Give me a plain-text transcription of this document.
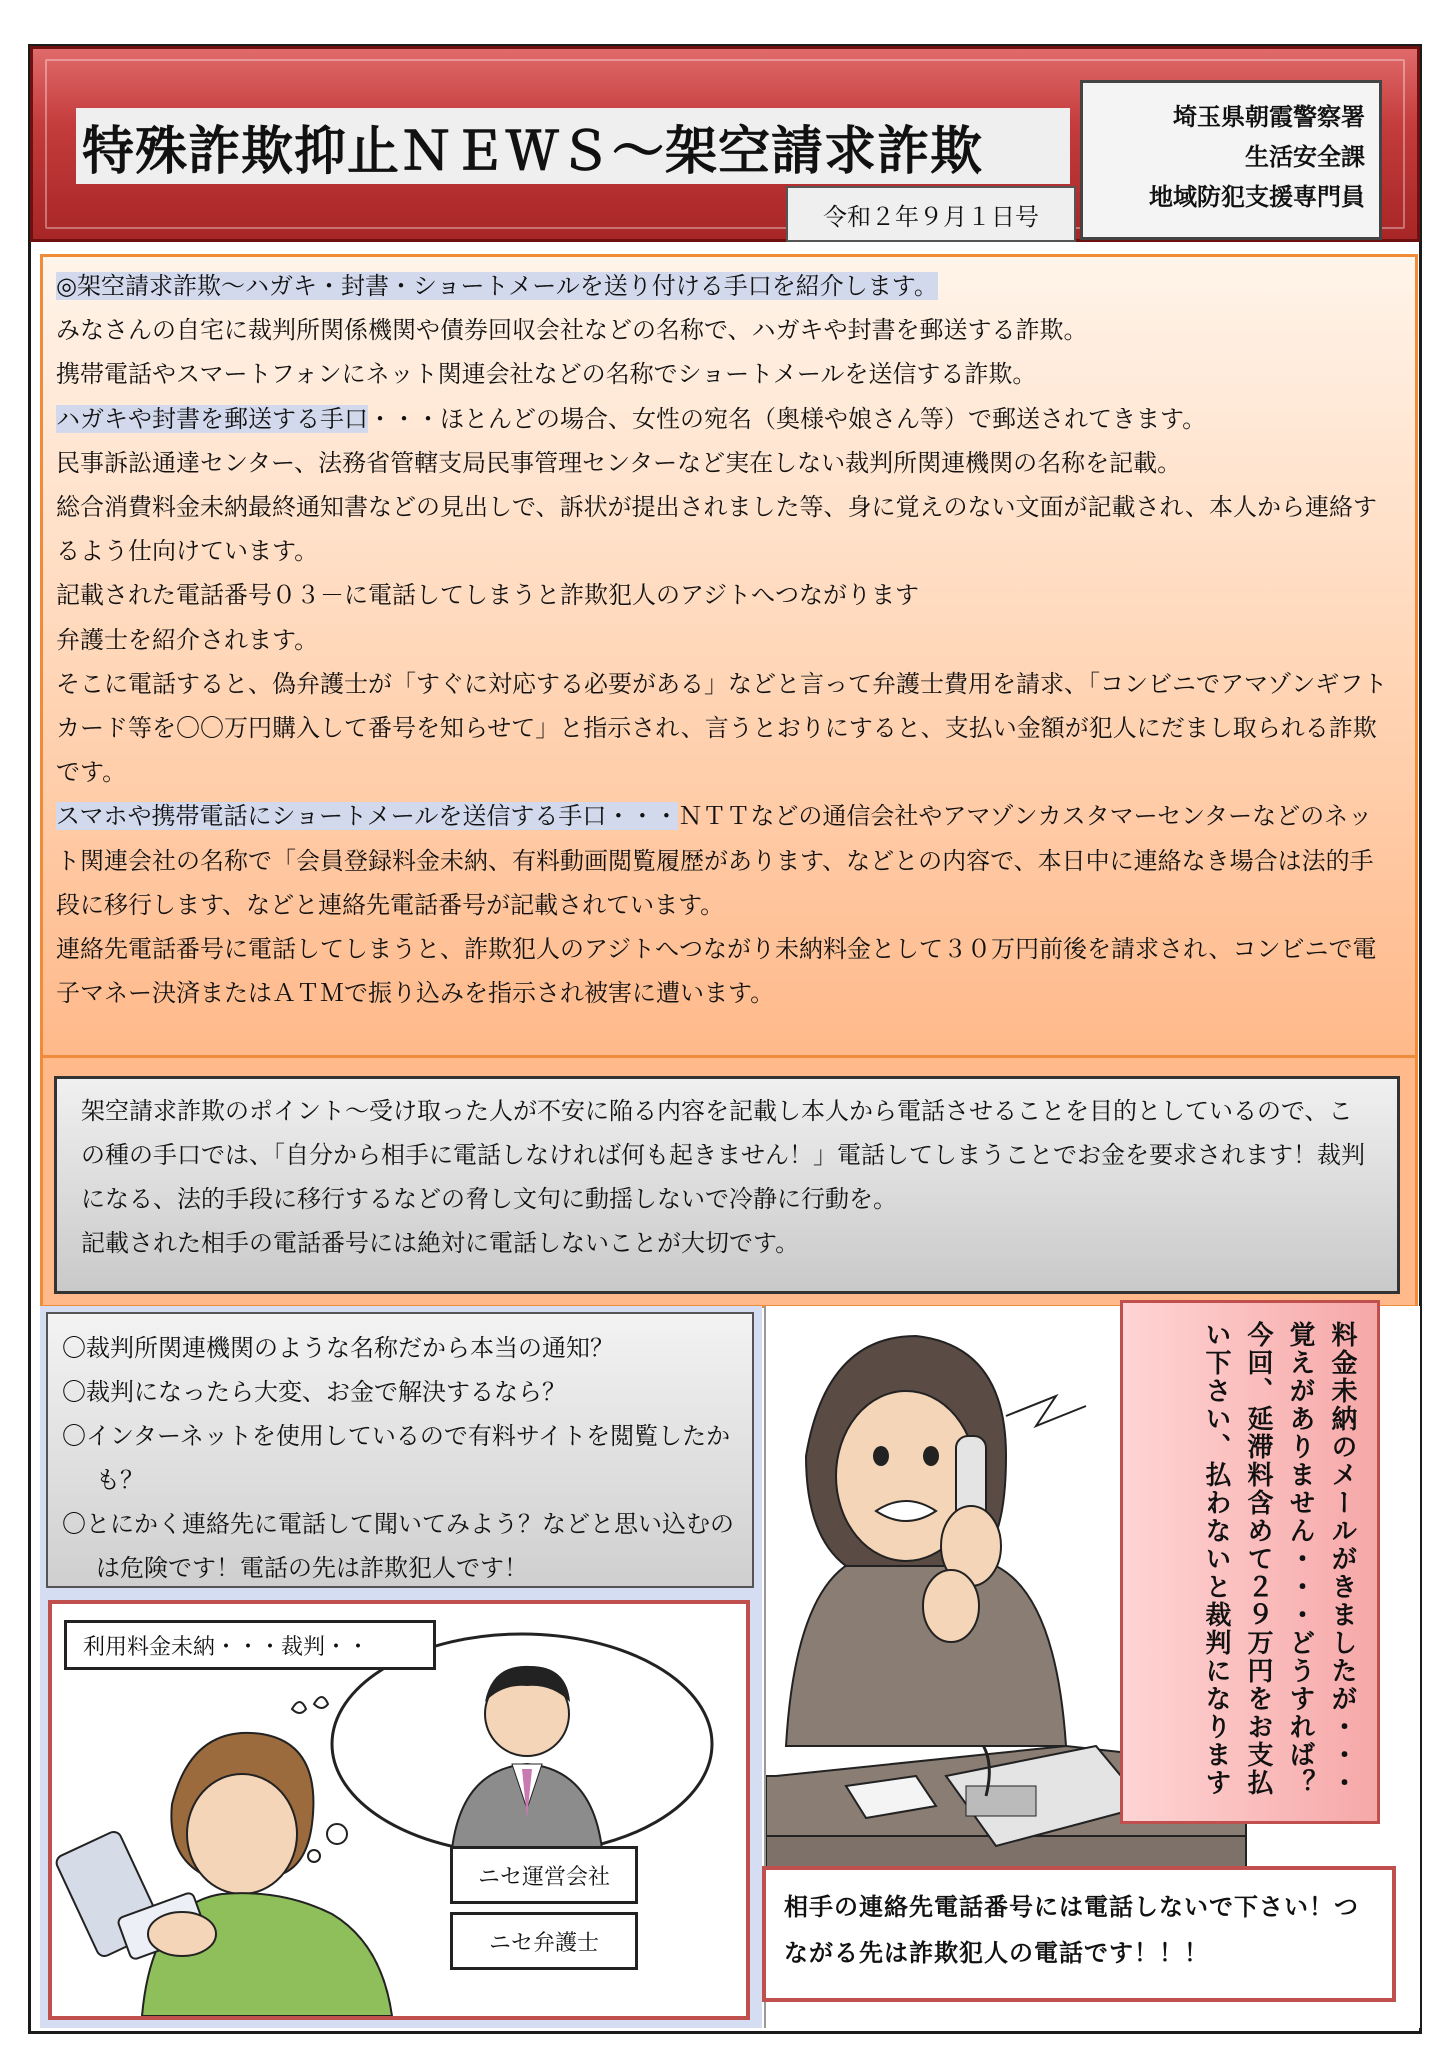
特殊詐欺抑止ＮＥＷＳ～架空請求詐欺
令和２年９月１日号
埼玉県朝霞警察署
生活安全課
地域防犯支援専門員

◎架空請求詐欺～ハガキ・封書・ショートメールを送り付ける手口を紹介します。

みなさんの自宅に裁判所関係機関や債券回収会社などの名称で、ハガキや封書を郵送する詐欺。

携帯電話やスマートフォンにネット関連会社などの名称でショートメールを送信する詐欺。

ハガキや封書を郵送する手口・・・ほとんどの場合、女性の宛名（奥様や娘さん等）で郵送されてきます。

民事訴訟通達センター、法務省管轄支局民事管理センターなど実在しない裁判所関連機関の名称を記載。

総合消費料金未納最終通知書などの見出しで、訴状が提出されました等、身に覚えのない文面が記載され、本人から連絡するよう仕向けています。

記載された電話番号０３－に電話してしまうと詐欺犯人のアジトへつながります

弁護士を紹介されます。

そこに電話すると、偽弁護士が「すぐに対応する必要がある」などと言って弁護士費用を請求、「コンビニでアマゾンギフトカード等を〇〇万円購入して番号を知らせて」と指示され、言うとおりにすると、支払い金額が犯人にだまし取られる詐欺です。

スマホや携帯電話にショートメールを送信する手口・・・ＮＴＴなどの通信会社やアマゾンカスタマーセンターなどのネット関連会社の名称で「会員登録料金未納、有料動画閲覧履歴があります、などとの内容で、本日中に連絡なき場合は法的手段に移行します、などと連絡先電話番号が記載されています。

連絡先電話番号に電話してしまうと、詐欺犯人のアジトへつながり未納料金として３０万円前後を請求され、コンビニで電子マネー決済またはＡＴＭで振り込みを指示され被害に遭います。

架空請求詐欺のポイント～受け取った人が不安に陥る内容を記載し本人から電話させることを目的としているので、この種の手口では、「自分から相手に電話しなければ何も起きません！」電話してしまうことでお金を要求されます！裁判になる、法的手段に移行するなどの脅し文句に動揺しないで冷静に行動を。

記載された相手の電話番号には絶対に電話しないことが大切です。

〇裁判所関連機関のような名称だから本当の通知？
〇裁判になったら大変、お金で解決するなら？
〇インターネットを使用しているので有料サイトを閲覧したかも？
〇とにかく連絡先に電話して聞いてみよう？などと思い込むのは危険です！電話の先は詐欺犯人です！
利用料金未納・・・裁判・・
ニセ運営会社
ニセ弁護士
料金未納のメールがきましたが・・・覚えがありません・・・どうすれば？今回、延滞料含めて２９万円をお支払い下さい、払わないと裁判になります
相手の連絡先電話番号には電話しないで下さい！つながる先は詐欺犯人の電話です！！！
